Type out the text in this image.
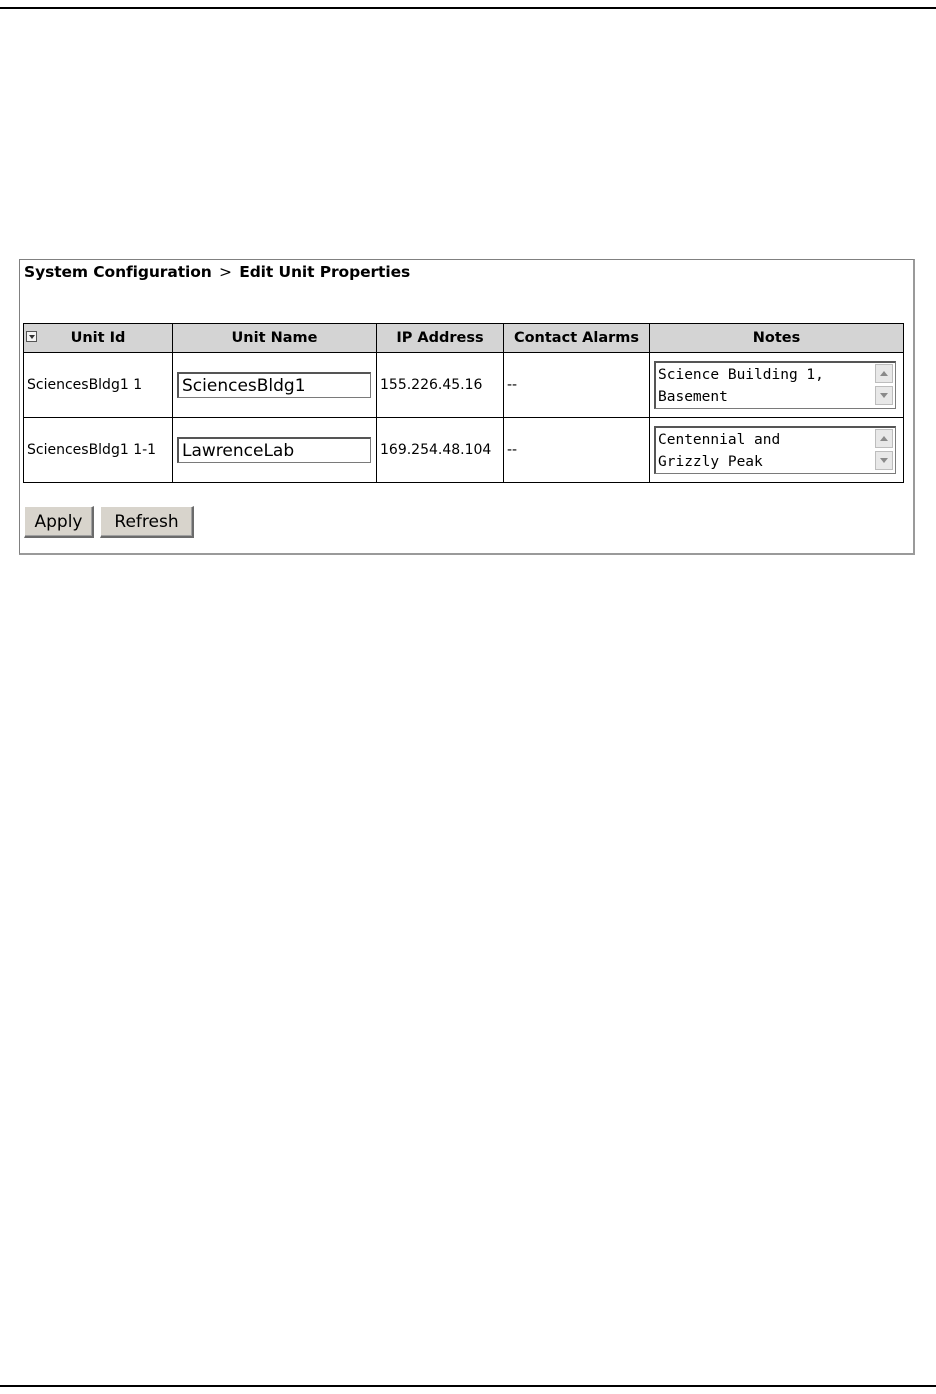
System Configuration > Edit Unit Properties
Unit Id	Unit Name	IP Address	Contact Alarms	Notes
SciencesBldg1 1	SciencesBldg1	155.226.45.16	--	Science Building 1,
Basement

SciencesBldg1 1-1	LawrenceLab	169.254.48.104	--	Centennial and
Grizzly Peak
Apply	Refresh
